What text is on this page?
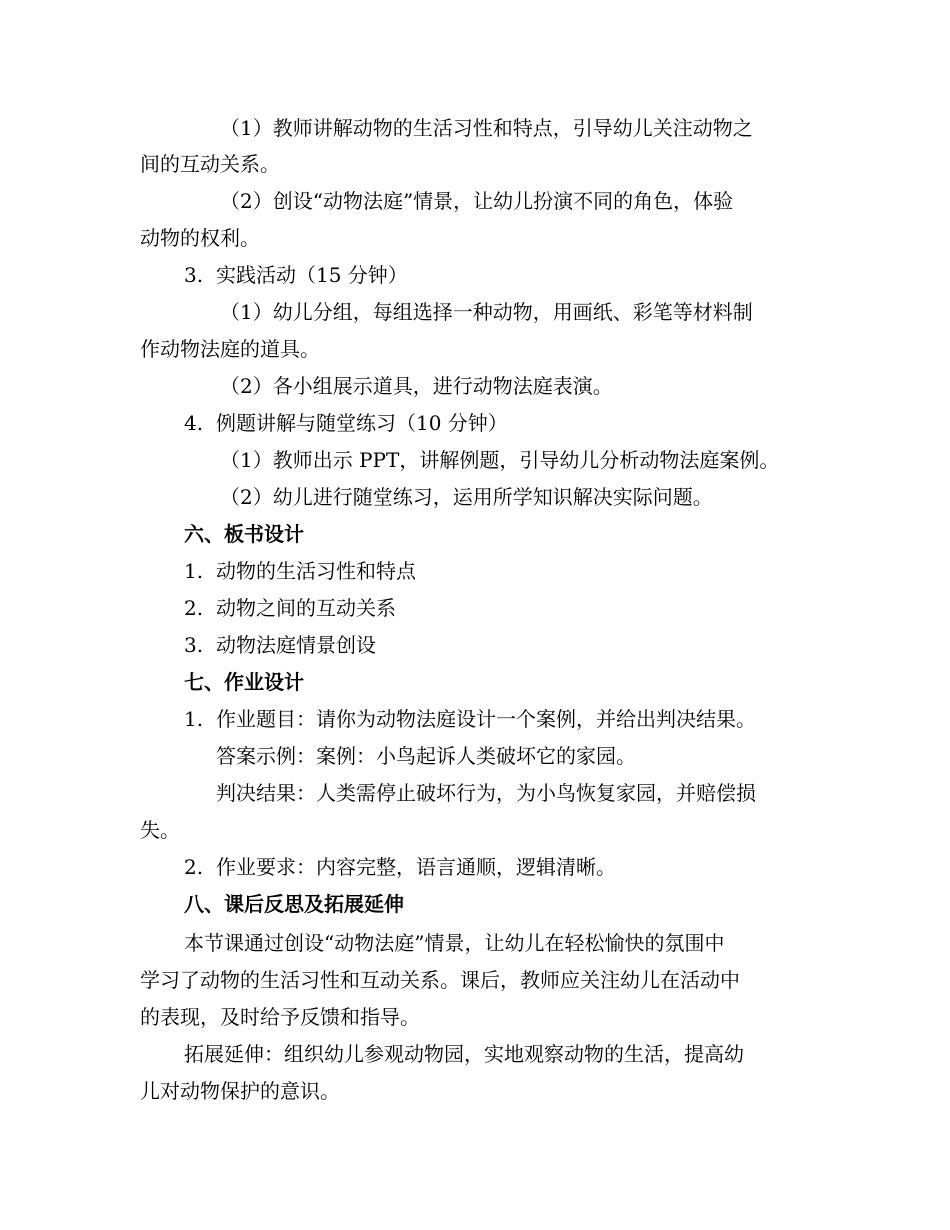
（1）教师讲解动物的生活习性和特点，引导幼儿关注动物之
间的互动关系。
（2）创设“动物法庭”情景，让幼儿扮演不同的角色，体验
动物的权利。
3. 实践活动（15 分钟）
（1）幼儿分组，每组选择一种动物，用画纸、彩笔等材料制
作动物法庭的道具。
（2）各小组展示道具，进行动物法庭表演。
4. 例题讲解与随堂练习（10 分钟）
（1）教师出示 PPT，讲解例题，引导幼儿分析动物法庭案例。
（2）幼儿进行随堂练习，运用所学知识解决实际问题。
六、板书设计
1. 动物的生活习性和特点
2. 动物之间的互动关系
3. 动物法庭情景创设
七、作业设计
1. 作业题目：请你为动物法庭设计一个案例，并给出判决结果。
答案示例：案例：小鸟起诉人类破坏它的家园。
判决结果：人类需停止破坏行为，为小鸟恢复家园，并赔偿损
失。
2. 作业要求：内容完整，语言通顺，逻辑清晰。
八、课后反思及拓展延伸
本节课通过创设“动物法庭”情景，让幼儿在轻松愉快的氛围中
学习了动物的生活习性和互动关系。课后，教师应关注幼儿在活动中
的表现，及时给予反馈和指导。
拓展延伸：组织幼儿参观动物园，实地观察动物的生活，提高幼
儿对动物保护的意识。
